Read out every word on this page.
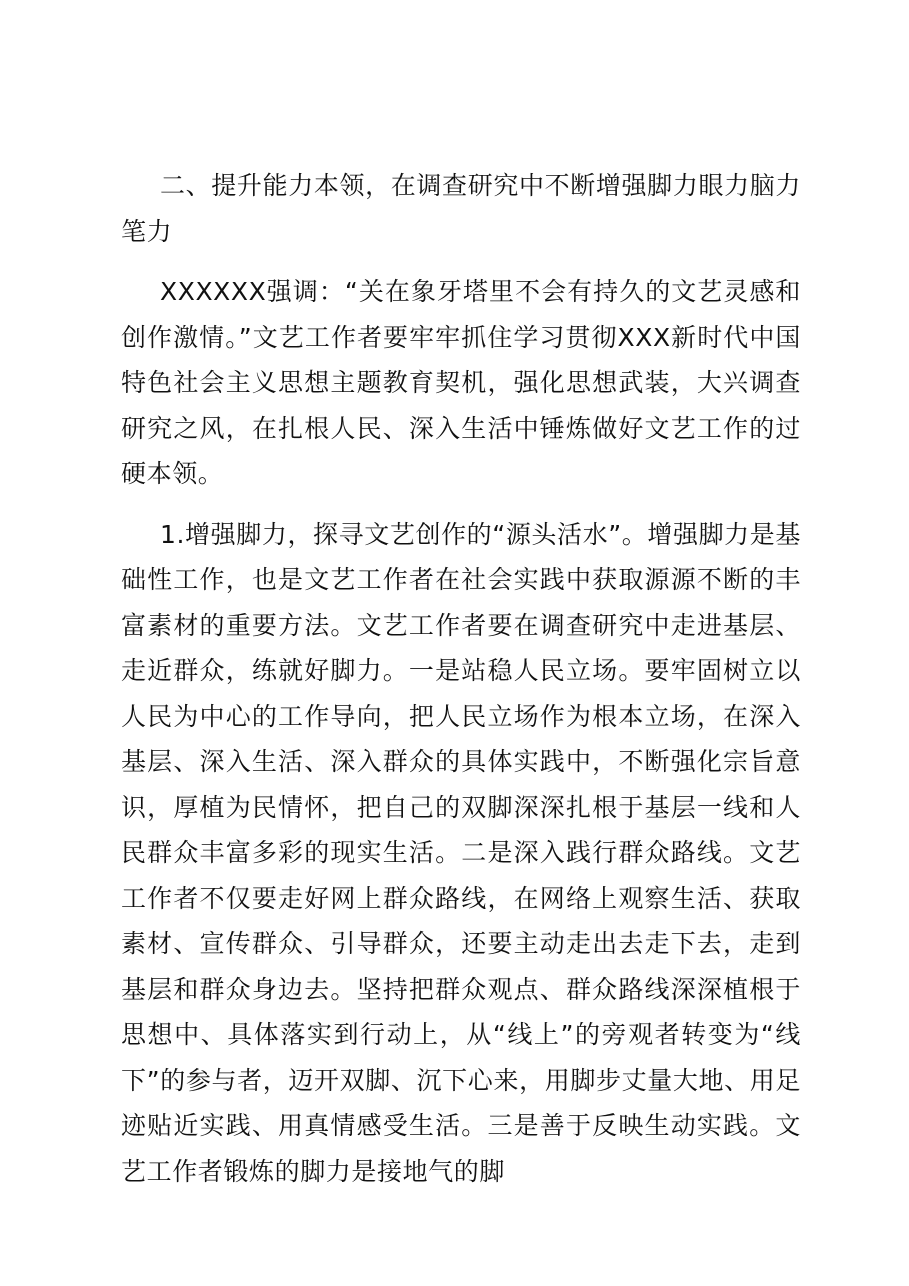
二、提升能力本领，在调查研究中不断增强脚力眼力脑力笔力

XXXXXX强调：“关在象牙塔里不会有持久的文艺灵感和创作激情。”文艺工作者要牢牢抓住学习贯彻XXX新时代中国特色社会主义思想主题教育契机，强化思想武装，大兴调查研究之风，在扎根人民、深入生活中锤炼做好文艺工作的过硬本领。

1.增强脚力，探寻文艺创作的“源头活水”。增强脚力是基础性工作，也是文艺工作者在社会实践中获取源源不断的丰富素材的重要方法。文艺工作者要在调查研究中走进基层、走近群众，练就好脚力。一是站稳人民立场。要牢固树立以人民为中心的工作导向，把人民立场作为根本立场，在深入基层、深入生活、深入群众的具体实践中，不断强化宗旨意识，厚植为民情怀，把自己的双脚深深扎根于基层一线和人民群众丰富多彩的现实生活。二是深入践行群众路线。文艺工作者不仅要走好网上群众路线，在网络上观察生活、获取素材、宣传群众、引导群众，还要主动走出去走下去，走到基层和群众身边去。坚持把群众观点、群众路线深深植根于思想中、具体落实到行动上，从“线上”的旁观者转变为“线下”的参与者，迈开双脚、沉下心来，用脚步丈量大地、用足迹贴近实践、用真情感受生活。三是善于反映生动实践。文艺工作者锻炼的脚力是接地气的脚
